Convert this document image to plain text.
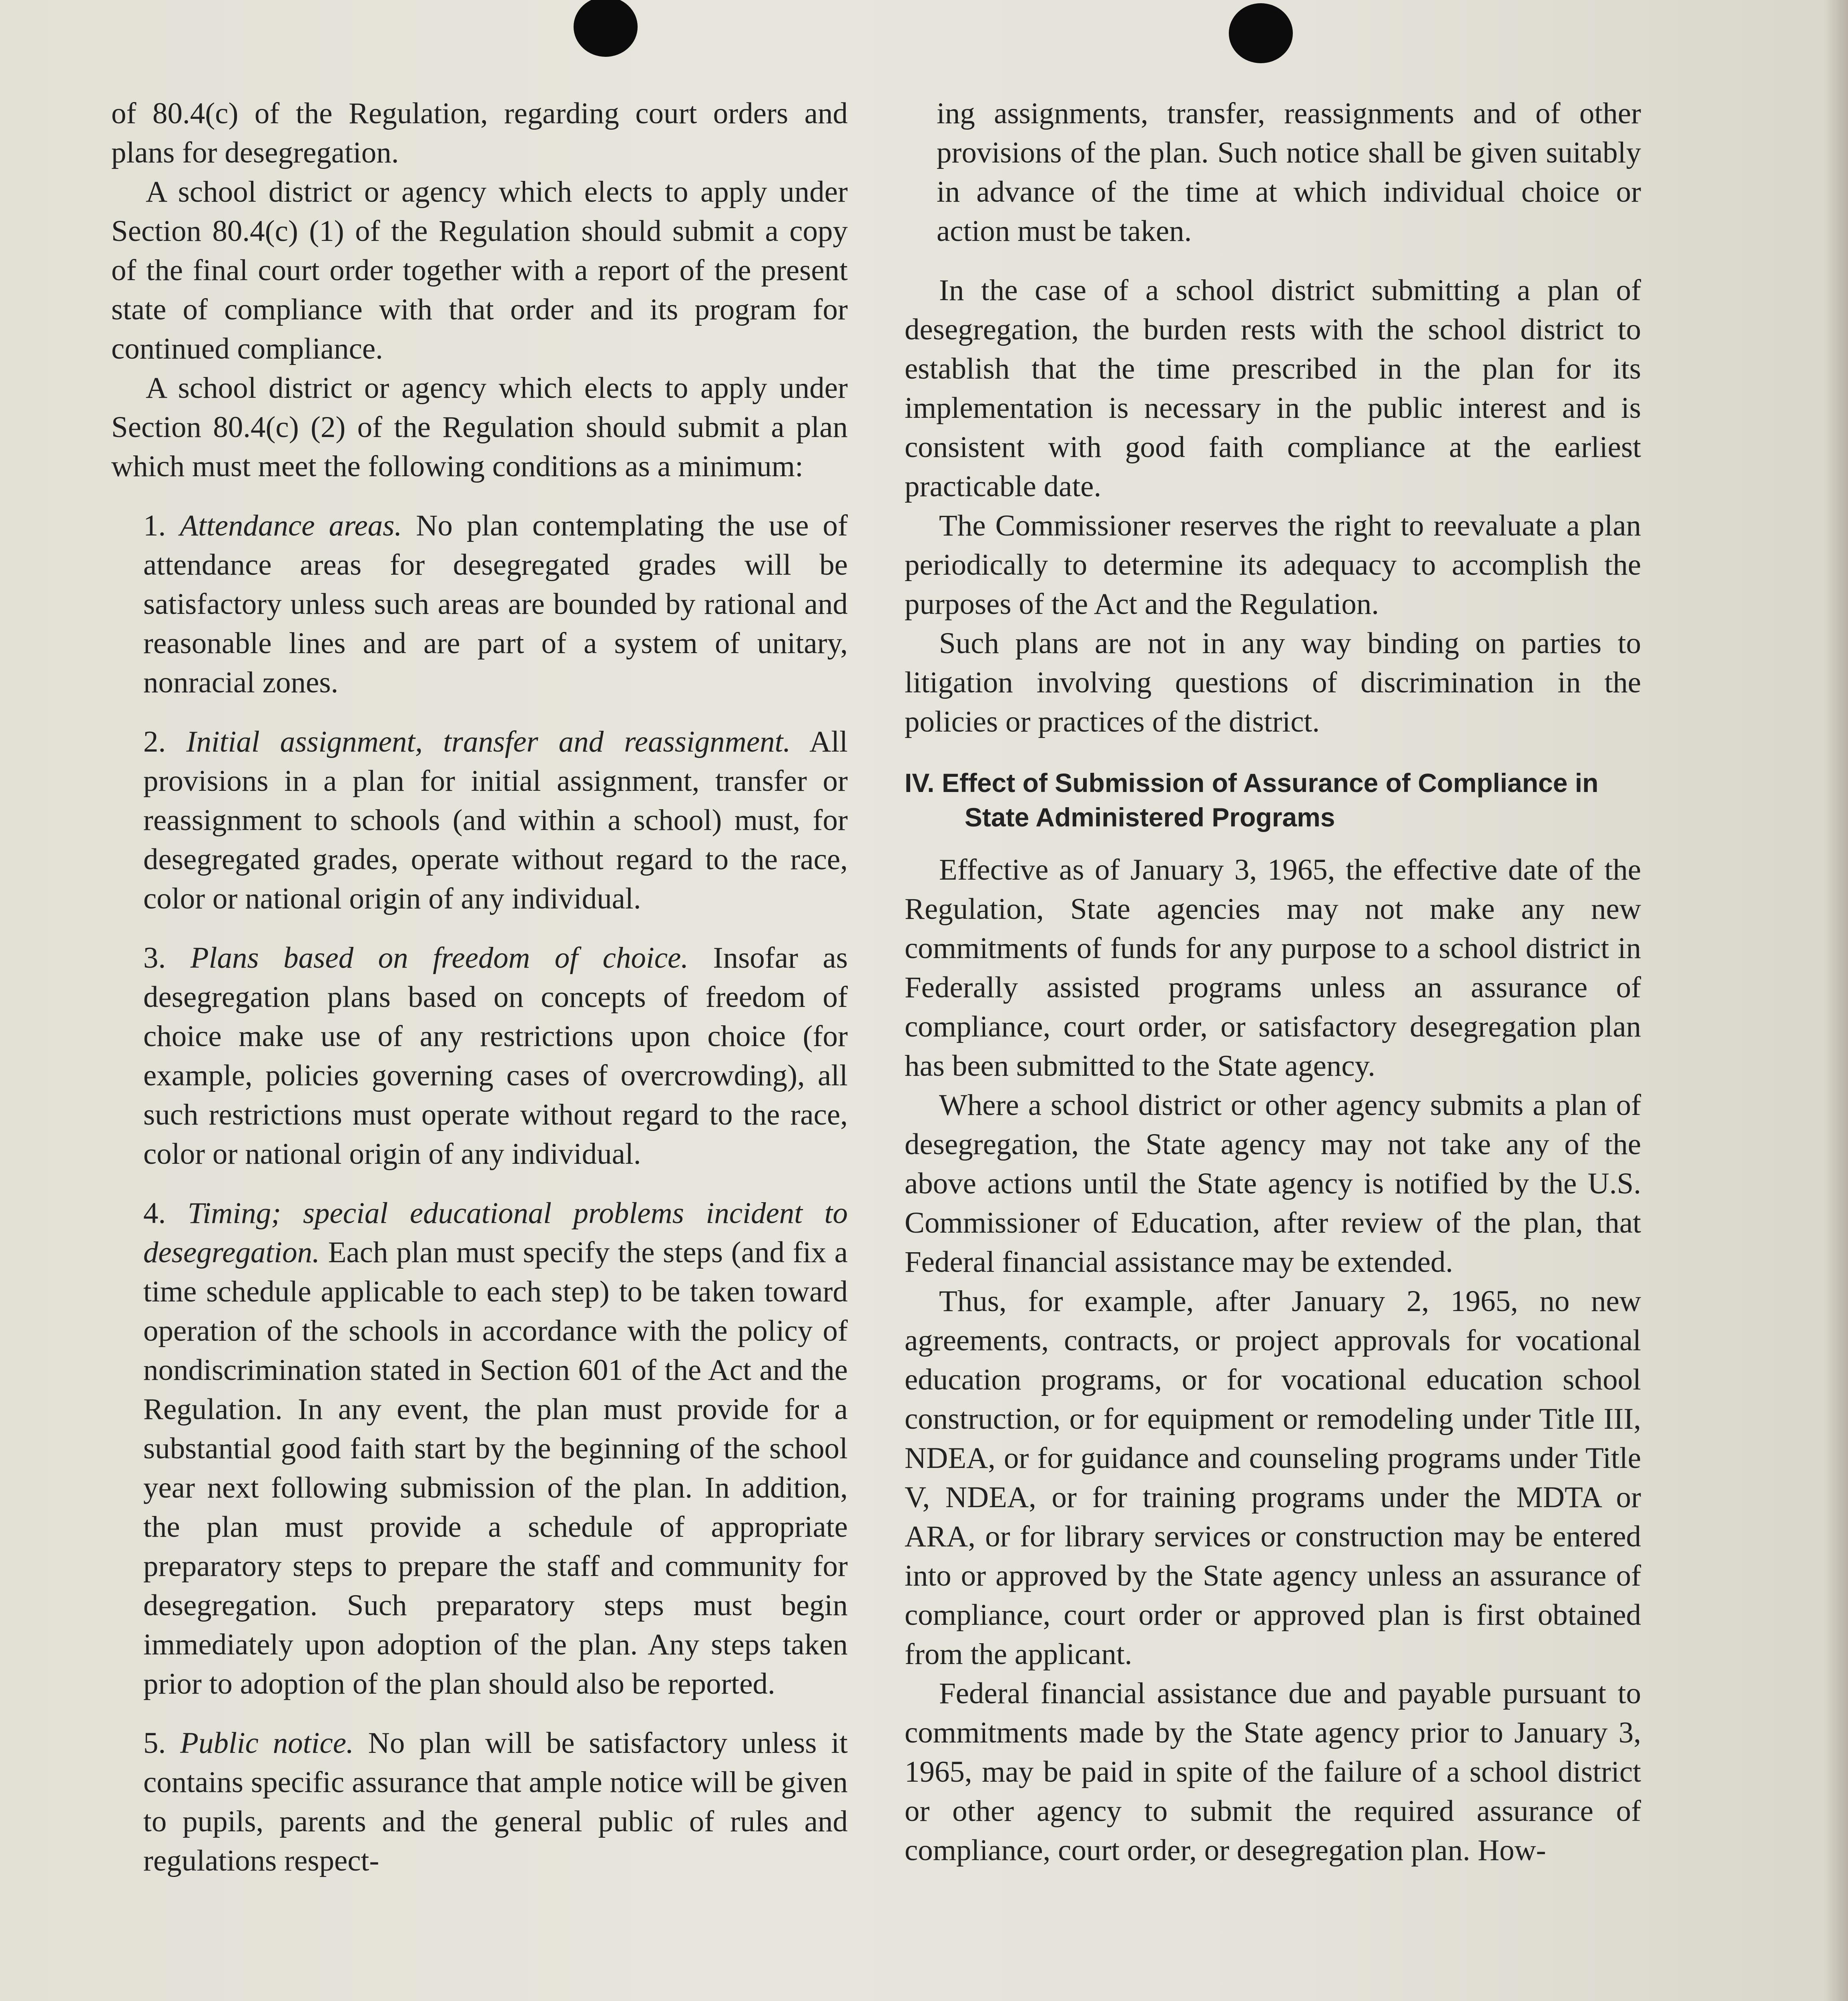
of 80.4(c) of the Regulation, regarding court orders and plans for desegregation.

A school district or agency which elects to apply under Section 80.4(c) (1) of the Regulation should submit a copy of the final court order together with a report of the present state of compliance with that order and its program for continued compliance.

A school district or agency which elects to apply under Section 80.4(c) (2) of the Regulation should submit a plan which must meet the following conditions as a minimum:

1. Attendance areas. No plan contemplating the use of attendance areas for desegregated grades will be satisfactory unless such areas are bounded by rational and reasonable lines and are part of a system of unitary, nonracial zones.

2. Initial assignment, transfer and reassignment. All provisions in a plan for initial assignment, transfer or reassignment to schools (and within a school) must, for desegregated grades, operate without regard to the race, color or national origin of any individual.

3. Plans based on freedom of choice. Insofar as desegregation plans based on concepts of freedom of choice make use of any restrictions upon choice (for example, policies governing cases of overcrowding), all such restrictions must operate without regard to the race, color or national origin of any individual.

4. Timing; special educational problems incident to desegregation. Each plan must specify the steps (and fix a time schedule applicable to each step) to be taken toward operation of the schools in accordance with the policy of nondiscrimination stated in Section 601 of the Act and the Regulation. In any event, the plan must provide for a substantial good faith start by the beginning of the school year next following submission of the plan. In addition, the plan must provide a schedule of appropriate preparatory steps to prepare the staff and community for desegregation. Such preparatory steps must begin immediately upon adoption of the plan. Any steps taken prior to adoption of the plan should also be reported.

5. Public notice. No plan will be satisfactory unless it contains specific assurance that ample notice will be given to pupils, parents and the general public of rules and regulations respect-

ing assignments, transfer, reassignments and of other provisions of the plan. Such notice shall be given suitably in advance of the time at which individual choice or action must be taken.

In the case of a school district submitting a plan of desegregation, the burden rests with the school district to establish that the time prescribed in the plan for its implementation is necessary in the public interest and is consistent with good faith compliance at the earliest practicable date.

The Commissioner reserves the right to reevaluate a plan periodically to determine its adequacy to accomplish the purposes of the Act and the Regulation.

Such plans are not in any way binding on parties to litigation involving questions of discrimination in the policies or practices of the district.

IV. Effect of Submission of Assurance of Compliance in State Administered Programs

Effective as of January 3, 1965, the effective date of the Regulation, State agencies may not make any new commitments of funds for any purpose to a school district in Federally assisted programs unless an assurance of compliance, court order, or satisfactory desegregation plan has been submitted to the State agency.

Where a school district or other agency submits a plan of desegregation, the State agency may not take any of the above actions until the State agency is notified by the U.S. Commissioner of Education, after review of the plan, that Federal financial assistance may be extended.

Thus, for example, after January 2, 1965, no new agreements, contracts, or project approvals for vocational education programs, or for vocational education school construction, or for equipment or remodeling under Title III, NDEA, or for guidance and counseling programs under Title V, NDEA, or for training programs under the MDTA or ARA, or for library services or construction may be entered into or approved by the State agency unless an assurance of compliance, court order or approved plan is first obtained from the applicant.

Federal financial assistance due and payable pursuant to commitments made by the State agency prior to January 3, 1965, may be paid in spite of the failure of a school district or other agency to submit the required assurance of compliance, court order, or desegregation plan. How-
